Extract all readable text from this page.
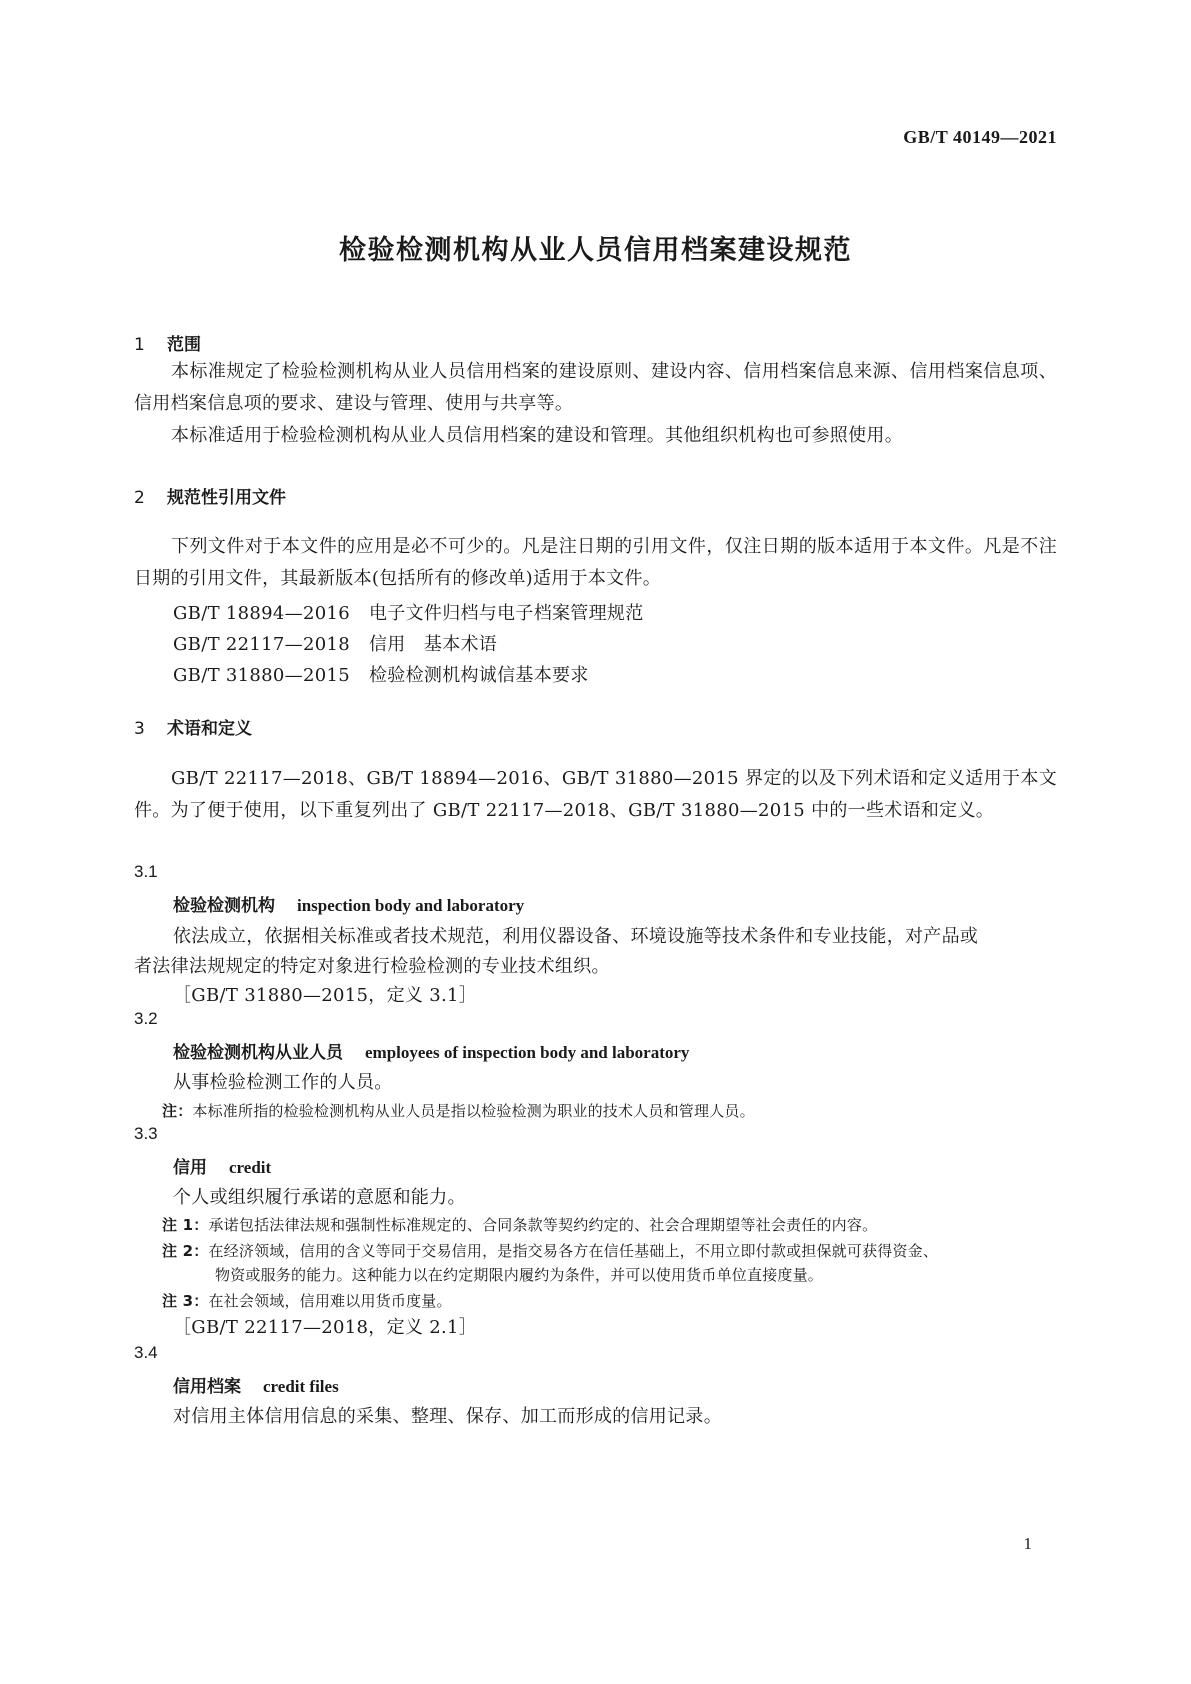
GB/T 40149—2021
检验检测机构从业人员信用档案建设规范
1 范围
本标准规定了检验检测机构从业人员信用档案的建设原则、建设内容、信用档案信息来源、信用档案信息项、信用档案信息项的要求、建设与管理、使用与共享等。
本标准适用于检验检测机构从业人员信用档案的建设和管理。其他组织机构也可参照使用。
2 规范性引用文件
下列文件对于本文件的应用是必不可少的。凡是注日期的引用文件，仅注日期的版本适用于本文件。凡是不注日期的引用文件，其最新版本(包括所有的修改单)适用于本文件。
GB/T 18894—2016 电子文件归档与电子档案管理规范
GB/T 22117—2018 信用　基本术语
GB/T 31880—2015 检验检测机构诚信基本要求
3 术语和定义
GB/T 22117—2018、GB/T 18894—2016、GB/T 31880—2015 界定的以及下列术语和定义适用于本文件。为了便于使用，以下重复列出了 GB/T 22117—2018、GB/T 31880—2015 中的一些术语和定义。
3.1
检验检测机构 inspection body and laboratory
依法成立，依据相关标准或者技术规范，利用仪器设备、环境设施等技术条件和专业技能，对产品或
者法律法规规定的特定对象进行检验检测的专业技术组织。
［GB/T 31880—2015，定义 3.1］
3.2
检验检测机构从业人员 employees of inspection body and laboratory
从事检验检测工作的人员。
注：本标准所指的检验检测机构从业人员是指以检验检测为职业的技术人员和管理人员。
3.3
信用 credit
个人或组织履行承诺的意愿和能力。
注 1：承诺包括法律法规和强制性标准规定的、合同条款等契约约定的、社会合理期望等社会责任的内容。
注 2：在经济领域，信用的含义等同于交易信用，是指交易各方在信任基础上，不用立即付款或担保就可获得资金、
物资或服务的能力。这种能力以在约定期限内履约为条件，并可以使用货币单位直接度量。
注 3：在社会领域，信用难以用货币度量。
［GB/T 22117—2018，定义 2.1］
3.4
信用档案 credit files
对信用主体信用信息的采集、整理、保存、加工而形成的信用记录。
1
